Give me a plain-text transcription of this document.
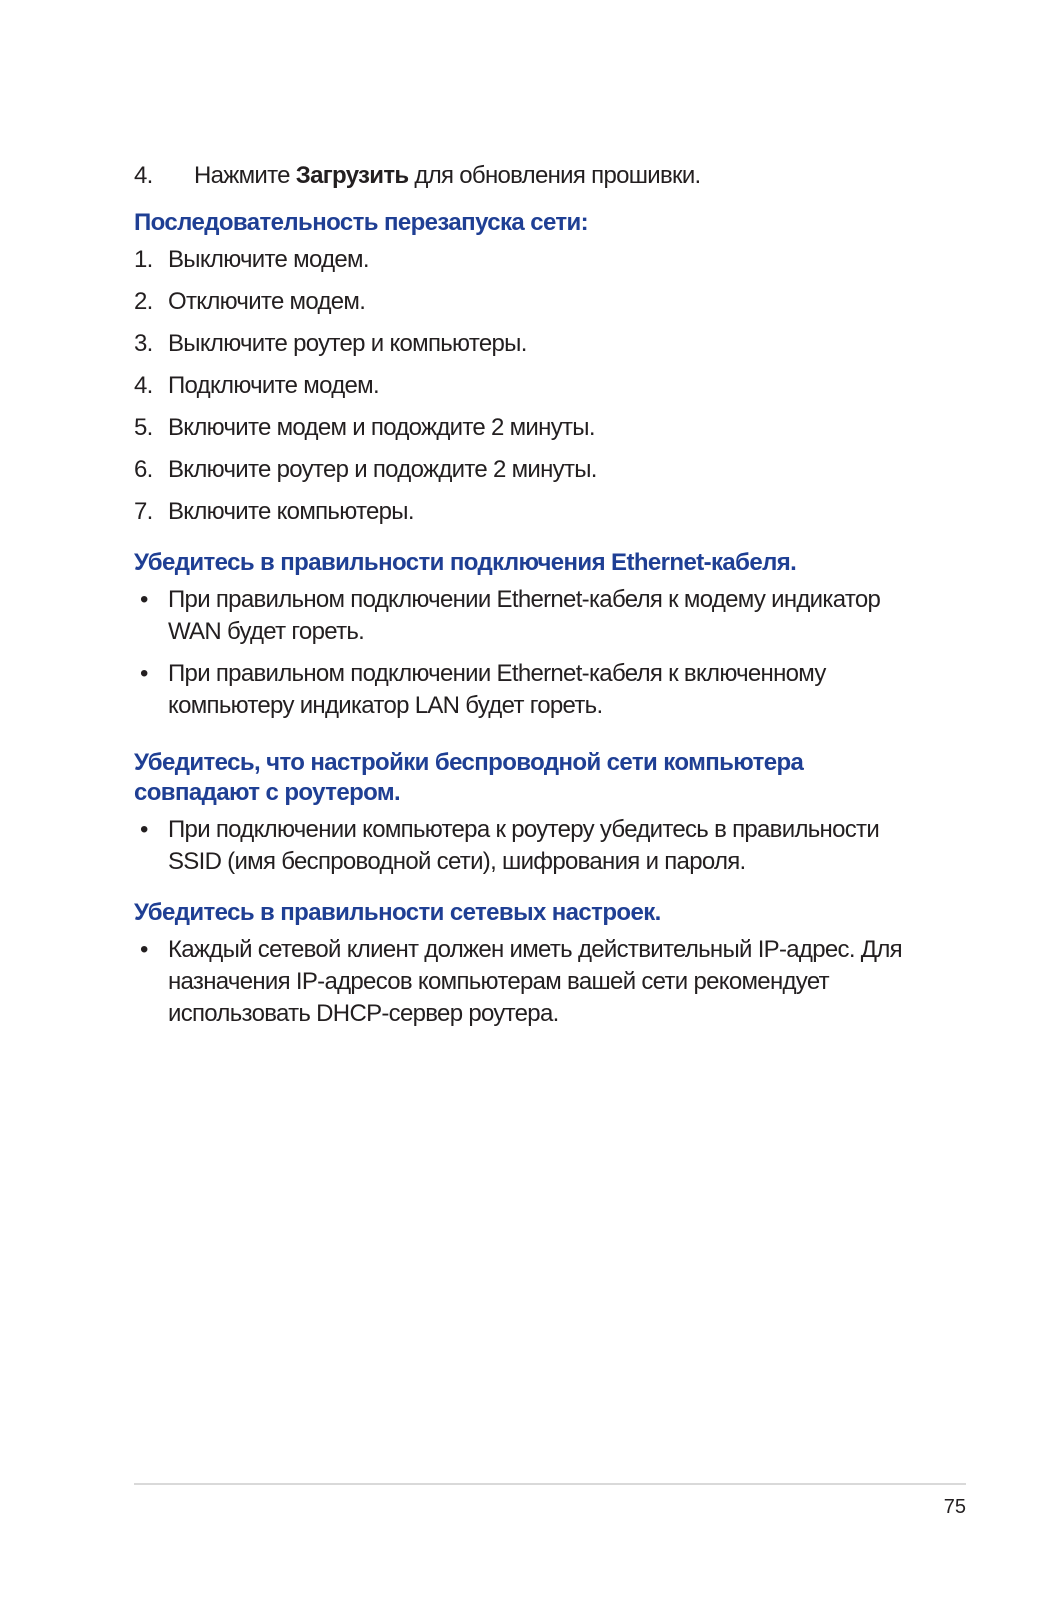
4.	Нажмите Загрузить для обновления прошивки.
Последовательность перезапуска сети:
1. Выключите модем.
2. Отключите модем.
3. Выключите роутер и компьютеры.
4. Подключите модем.
5. Включите модем и подождите 2 минуты.
6. Включите роутер и подождите 2 минуты.
7. Включите компьютеры.
Убедитесь в правильности подключения Ethernet-кабеля.
• При правильном подключении Ethernet-кабеля к модему индикатор WAN будет гореть.
• При правильном подключении Ethernet-кабеля к включенному компьютеру индикатор LAN будет гореть.
Убедитесь, что настройки беспроводной сети компьютера совпадают с роутером.
• При подключении компьютера к роутеру убедитесь в правильности SSID (имя беспроводной сети), шифрования и пароля.
Убедитесь в правильности сетевых настроек.
• Каждый сетевой клиент должен иметь действительный IP-адрес. Для назначения IP-адресов компьютерам вашей сети рекомендует использовать DHCP-сервер роутера.
75
